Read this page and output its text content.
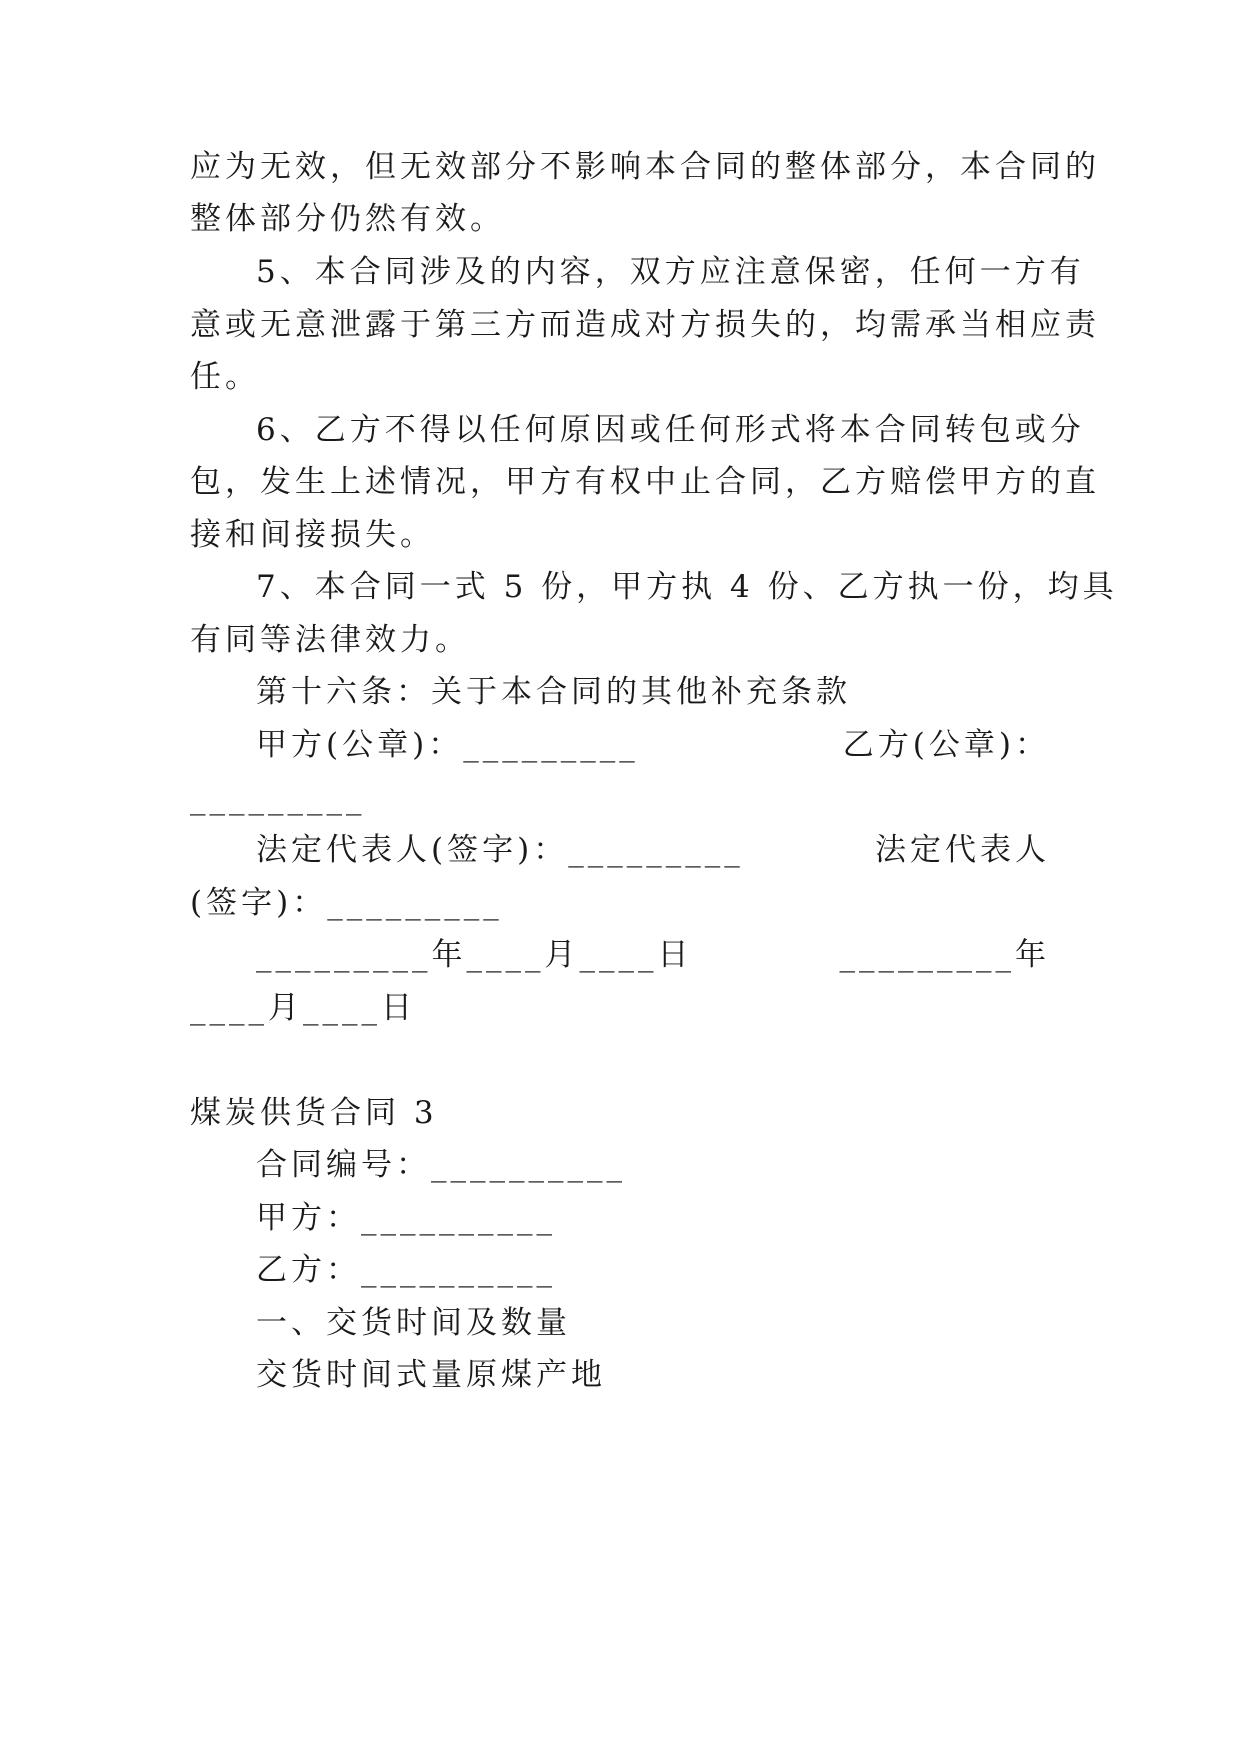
应为无效，但无效部分不影响本合同的整体部分，本合同的
整体部分仍然有效。
5、本合同涉及的内容，双方应注意保密，任何一方有
意或无意泄露于第三方而造成对方损失的，均需承当相应责
任。
6、乙方不得以任何原因或任何形式将本合同转包或分
包，发生上述情况，甲方有权中止合同，乙方赔偿甲方的直
接和间接损失。
7、本合同一式 5 份，甲方执 4 份、乙方执一份，均具
有同等法律效力。
第十六条：关于本合同的其他补充条款
甲方(公章)：_________	乙方(公章)：
_________
法定代表人(签字)：_________	法定代表人
(签字)：_________
_________年____月____日	_________年
____月____日
煤炭供货合同 3
合同编号：__________
甲方：__________
乙方：__________
一、交货时间及数量
交货时间式量原煤产地
